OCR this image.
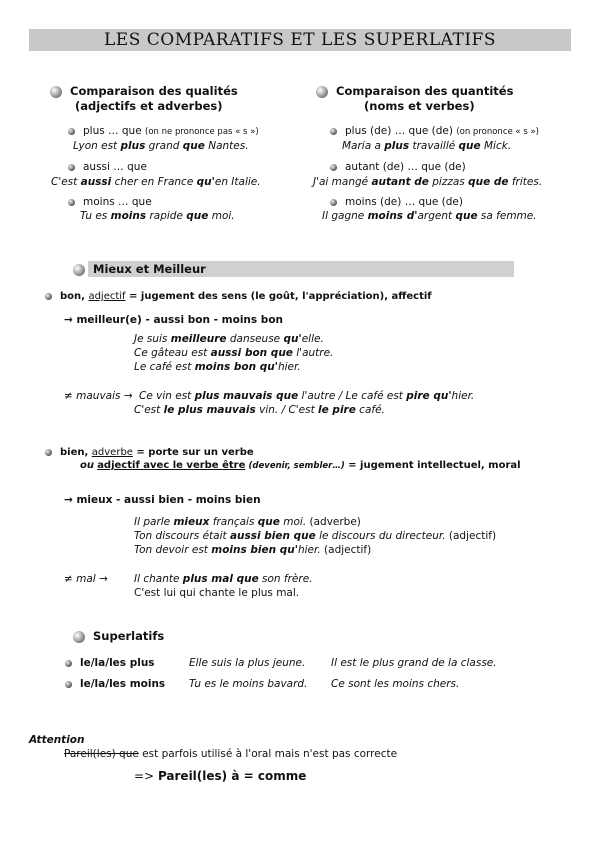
LES COMPARATIFS ET LES SUPERLATIFS
Comparaison des qualités
(adjectifs et adverbes)
plus … que (on ne prononce pas « s »)
Lyon est plus grand que Nantes.
aussi … que
C'est aussi cher en France qu'en Italie.
moins … que
Tu es moins rapide que moi.
Comparaison des quantités
(noms et verbes)
plus (de) … que (de) (on prononce « s »)
Maria a plus travaillé que Mick.
autant (de) … que (de)
J'ai mangé autant de pizzas que de frites.
moins (de) … que (de)
Il gagne moins d'argent que sa femme.
Mieux et Meilleur
bon, adjectif = jugement des sens (le goût, l'appréciation), affectif
→ meilleur(e) - aussi bon - moins bon
Je suis meilleure danseuse qu'elle.
Ce gâteau est aussi bon que l'autre.
Le café est moins bon qu'hier.
≠ mauvais → Ce vin est plus mauvais que l'autre / Le café est pire qu'hier.
C'est le plus mauvais vin. / C'est le pire café.
bien, adverbe = porte sur un verbe
ou adjectif avec le verbe être (devenir, sembler…) = jugement intellectuel, moral
→ mieux - aussi bien - moins bien
Il parle mieux français que moi. (adverbe)
Ton discours était aussi bien que le discours du directeur. (adjectif)
Ton devoir est moins bien qu'hier. (adjectif)
≠ mal → Il chante plus mal que son frère.
C'est lui qui chante le plus mal.
Superlatifs
le/la/les plus	Elle suis la plus jeune. Il est le plus grand de la classe.
le/la/les moins Tu es le moins bavard. Ce sont les moins chers.
Attention
Pareil(les) que est parfois utilisé à l'oral mais n'est pas correcte
=> Pareil(les) à = comme
